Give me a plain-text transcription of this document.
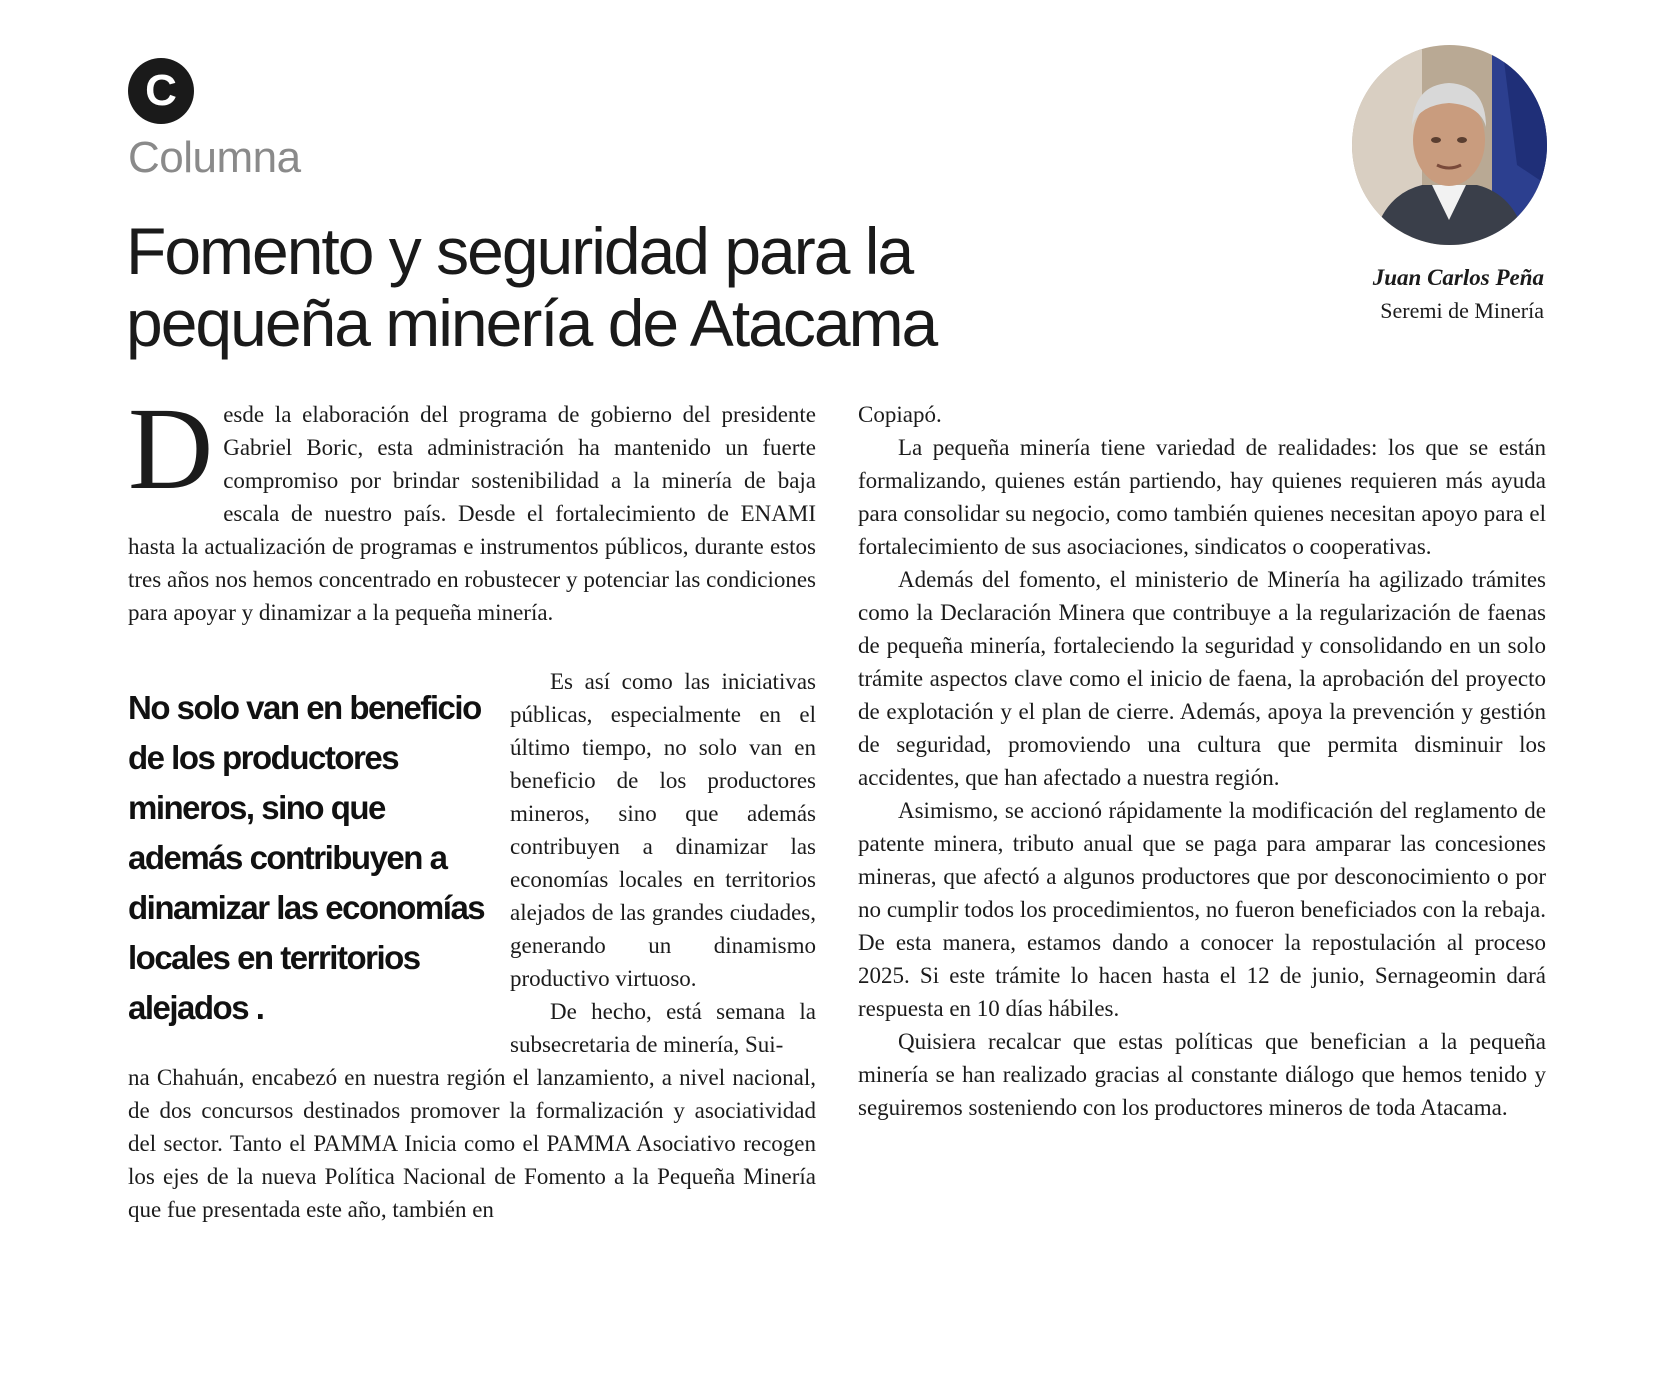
C
Columna
Fomento y seguridad para la pequeña minería de Atacama
Juan Carlos Peña
Seremi de Minería

Desde la elaboración del programa de gobierno del presidente Gabriel Boric, esta administración ha mantenido un fuerte compromiso por brindar sostenibilidad a la minería de baja escala de nuestro país. Desde el fortalecimiento de ENAMI hasta la actualización de programas e instrumentos públicos, durante estos tres años nos hemos concentrado en robustecer y potenciar las condiciones para apoyar y dinamizar a la pequeña minería.

No solo van en beneficio de los productores mineros, sino que además contribuyen a dinamizar las economías locales en territorios alejados .

Es así como las iniciativas públicas, especialmente en el último tiempo, no solo van en beneficio de los productores mineros, sino que además contribuyen a dinamizar las economías locales en territorios alejados de las grandes ciudades, generando un dinamismo productivo virtuoso.

De hecho, está semana la subsecretaria de minería, Sui-

na Chahuán, encabezó en nuestra región el lanzamiento, a nivel nacional, de dos concursos destinados promover la formalización y asociatividad del sector. Tanto el PAMMA Inicia como el PAMMA Asociativo recogen los ejes de la nueva Política Nacional de Fomento a la Pequeña Minería que fue presentada este año, también en

Copiapó.

La pequeña minería tiene variedad de realidades: los que se están formalizando, quienes están partiendo, hay quienes requieren más ayuda para consolidar su negocio, como también quienes necesitan apoyo para el fortalecimiento de sus asociaciones, sindicatos o cooperativas.

Además del fomento, el ministerio de Minería ha agilizado trámites como la Declaración Minera que contribuye a la regularización de faenas de pequeña minería, fortaleciendo la seguridad y consolidando en un solo trámite aspectos clave como el inicio de faena, la aprobación del proyecto de explotación y el plan de cierre. Además, apoya la prevención y gestión de seguridad, promoviendo una cultura que permita disminuir los accidentes, que han afectado a nuestra región.

Asimismo, se accionó rápidamente la modificación del reglamento de patente minera, tributo anual que se paga para amparar las concesiones mineras, que afectó a algunos productores que por desconocimiento o por no cumplir todos los procedimientos, no fueron beneficiados con la rebaja. De esta manera, estamos dando a conocer la repostulación al proceso 2025. Si este trámite lo hacen hasta el 12 de junio, Sernageomin dará respuesta en 10 días hábiles.

Quisiera recalcar que estas políticas que benefician a la pequeña minería se han realizado gracias al constante diálogo que hemos tenido y seguiremos sosteniendo con los productores mineros de toda Atacama.
